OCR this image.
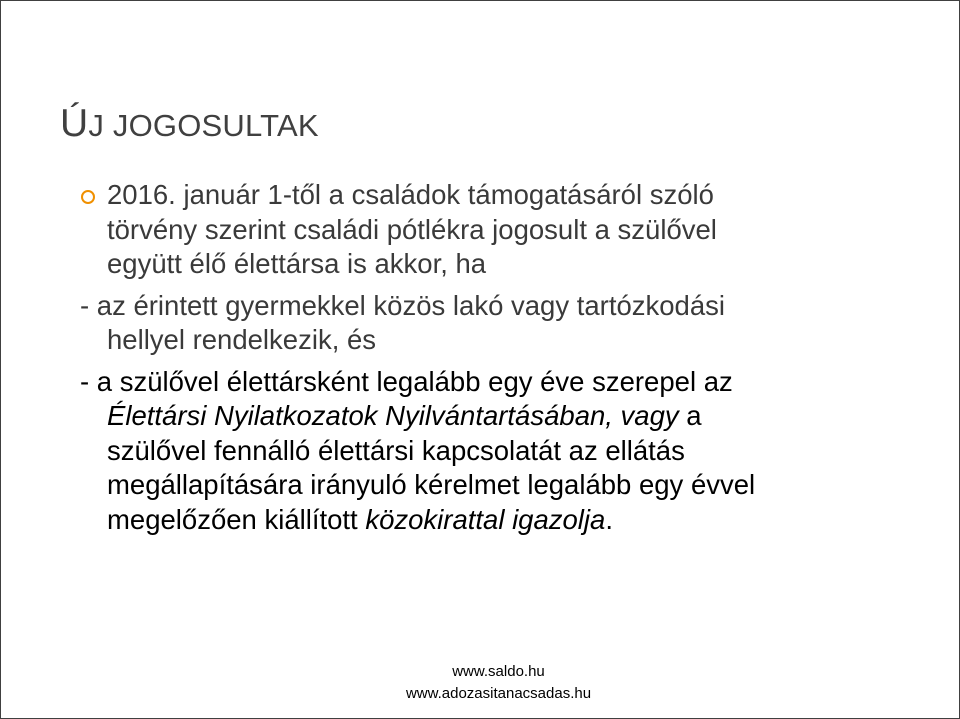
ÚJ JOGOSULTAK
2016. január 1-től a családok támogatásáról szóló
törvény szerint családi pótlékra jogosult a szülővel
együtt élő élettársa is akkor, ha
- az érintett gyermekkel közös lakó vagy tartózkodási
hellyel rendelkezik, és
- a szülővel élettársként legalább egy éve szerepel az
Élettársi Nyilatkozatok Nyilvántartásában, vagy a
szülővel fennálló élettársi kapcsolatát az ellátás
megállapítására irányuló kérelmet legalább egy évvel
megelőzően kiállított közokirattal igazolja.
www.saldo.hu
www.adozasitanacsadas.hu
